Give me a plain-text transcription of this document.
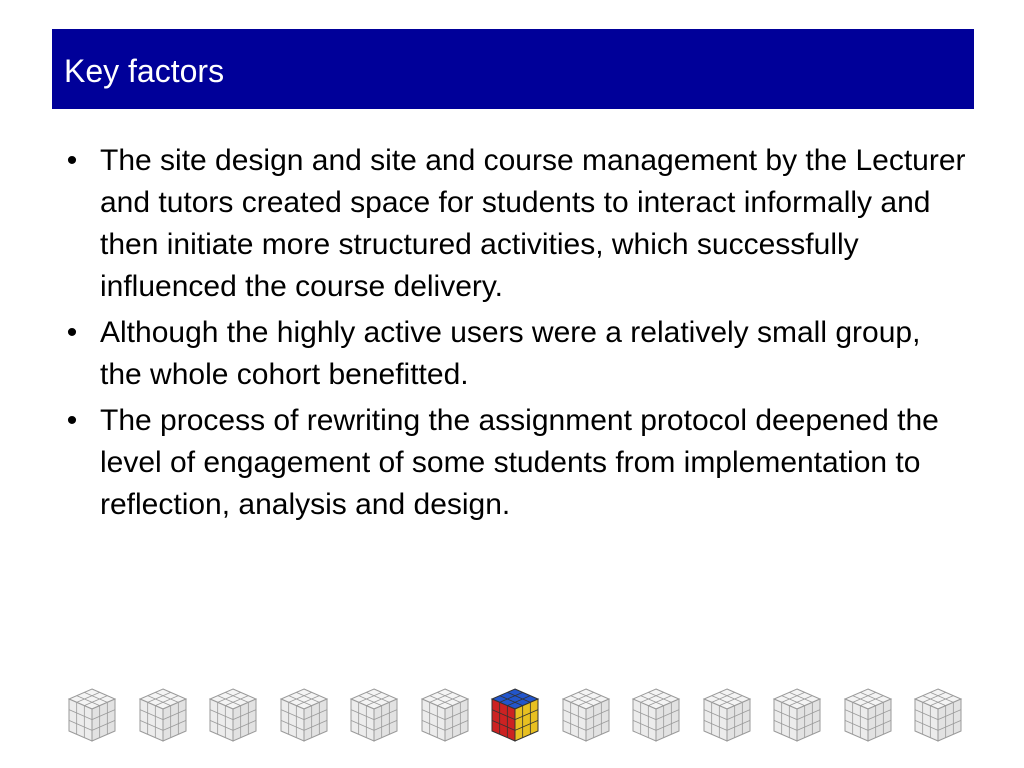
Key factors
• The site design and site and course management by the Lecturer and tutors created space for students to interact informally and then initiate more structured activities, which successfully influenced the course delivery.
• Although the highly active users were a relatively small group, the whole cohort benefitted.
• The process of rewriting the assignment protocol deepened the level of engagement of some students from implementation to reflection, analysis and design.
